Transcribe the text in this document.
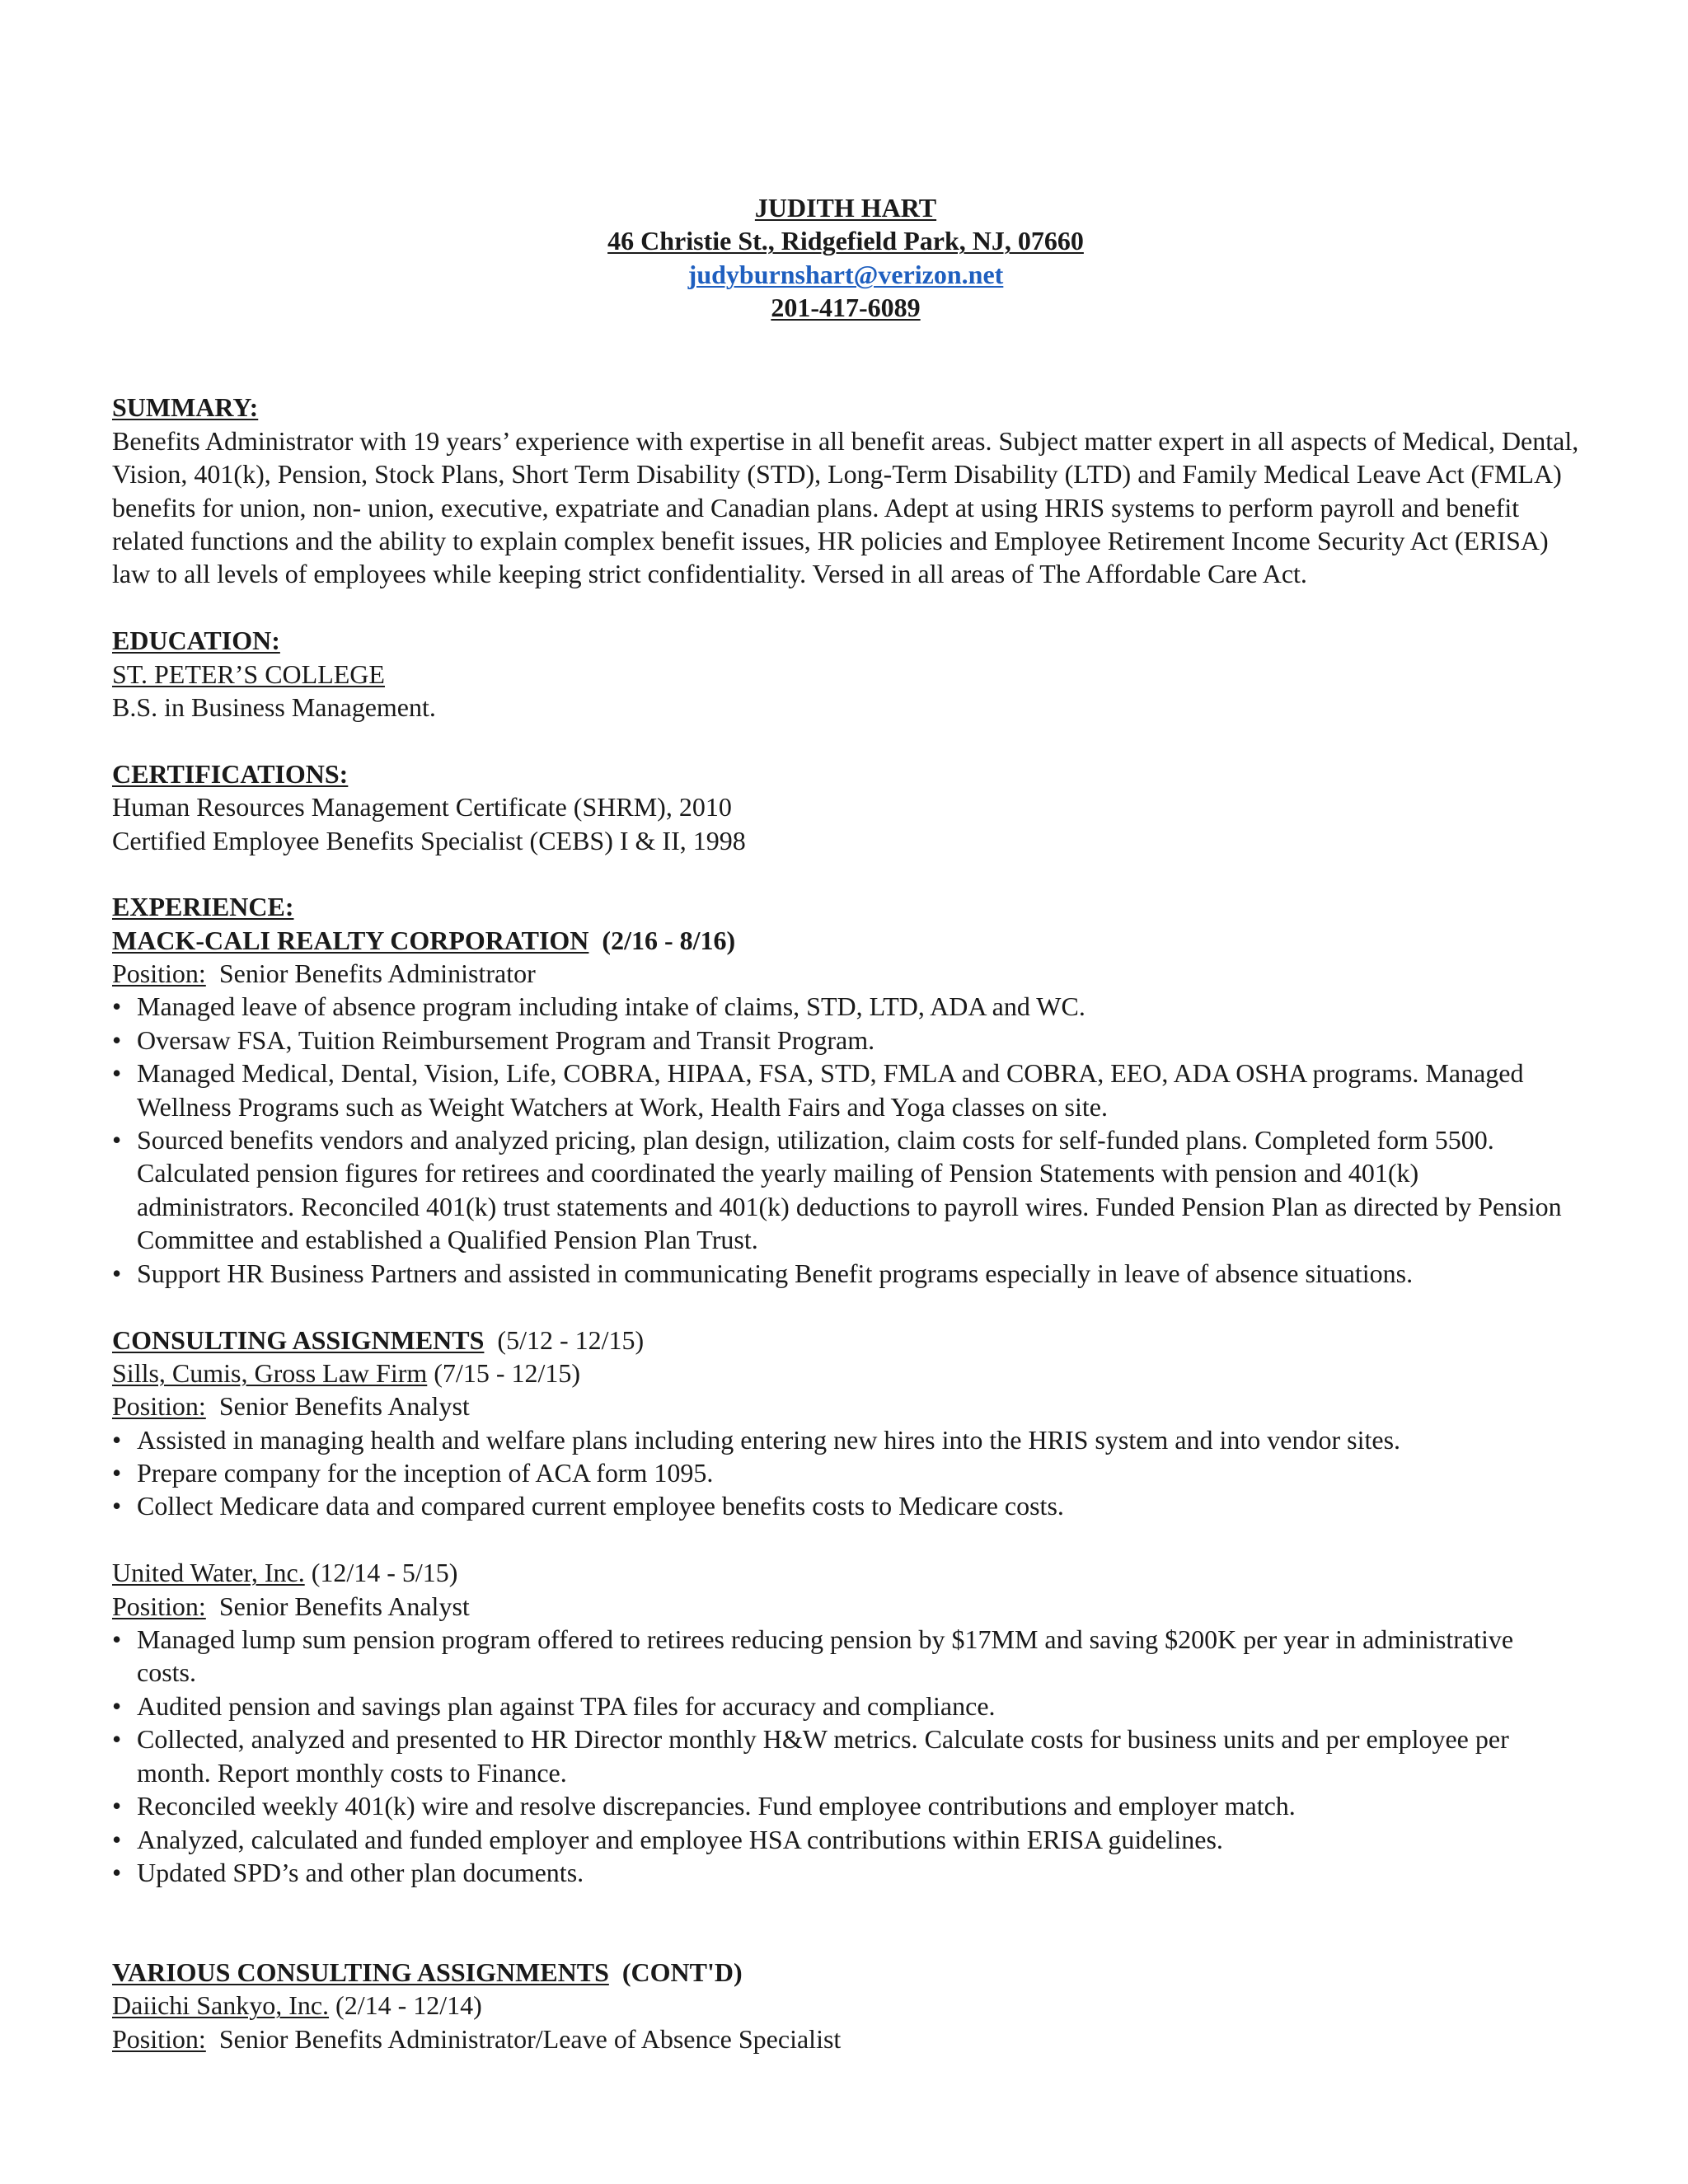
JUDITH HART
46 Christie St., Ridgefield Park, NJ, 07660
judyburnshart@verizon.net
201-417-6089
SUMMARY:
Benefits Administrator with 19 years’ experience with expertise in all benefit areas. Subject matter expert in all aspects of Medical, Dental, Vision, 401(k), Pension, Stock Plans, Short Term Disability (STD), Long-Term Disability (LTD) and Family Medical Leave Act (FMLA) benefits for union, non- union, executive, expatriate and Canadian plans. Adept at using HRIS systems to perform payroll and benefit related functions and the ability to explain complex benefit issues, HR policies and Employee Retirement Income Security Act (ERISA) law to all levels of employees while keeping strict confidentiality. Versed in all areas of The Affordable Care Act.
EDUCATION:
ST. PETER’S COLLEGE
B.S. in Business Management.
CERTIFICATIONS:
Human Resources Management Certificate (SHRM), 2010
Certified Employee Benefits Specialist (CEBS) I & II, 1998
EXPERIENCE:
MACK-CALI REALTY CORPORATION (2/16 - 8/16)
Position: Senior Benefits Administrator
• Managed leave of absence program including intake of claims, STD, LTD, ADA and WC.
• Oversaw FSA, Tuition Reimbursement Program and Transit Program.
• Managed Medical, Dental, Vision, Life, COBRA, HIPAA, FSA, STD, FMLA and COBRA, EEO, ADA OSHA programs. Managed Wellness Programs such as Weight Watchers at Work, Health Fairs and Yoga classes on site.
• Sourced benefits vendors and analyzed pricing, plan design, utilization, claim costs for self-funded plans. Completed form 5500. Calculated pension figures for retirees and coordinated the yearly mailing of Pension Statements with pension and 401(k) administrators. Reconciled 401(k) trust statements and 401(k) deductions to payroll wires. Funded Pension Plan as directed by Pension Committee and established a Qualified Pension Plan Trust.
• Support HR Business Partners and assisted in communicating Benefit programs especially in leave of absence situations.
CONSULTING ASSIGNMENTS (5/12 - 12/15)
Sills, Cumis, Gross Law Firm (7/15 - 12/15)
Position: Senior Benefits Analyst
• Assisted in managing health and welfare plans including entering new hires into the HRIS system and into vendor sites.
• Prepare company for the inception of ACA form 1095.
• Collect Medicare data and compared current employee benefits costs to Medicare costs.
United Water, Inc. (12/14 - 5/15)
Position: Senior Benefits Analyst
• Managed lump sum pension program offered to retirees reducing pension by $17MM and saving $200K per year in administrative costs.
• Audited pension and savings plan against TPA files for accuracy and compliance.
• Collected, analyzed and presented to HR Director monthly H&W metrics. Calculate costs for business units and per employee per month. Report monthly costs to Finance.
• Reconciled weekly 401(k) wire and resolve discrepancies. Fund employee contributions and employer match.
• Analyzed, calculated and funded employer and employee HSA contributions within ERISA guidelines.
• Updated SPD’s and other plan documents.
VARIOUS CONSULTING ASSIGNMENTS (CONT'D)
Daiichi Sankyo, Inc. (2/14 - 12/14)
Position: Senior Benefits Administrator/Leave of Absence Specialist
